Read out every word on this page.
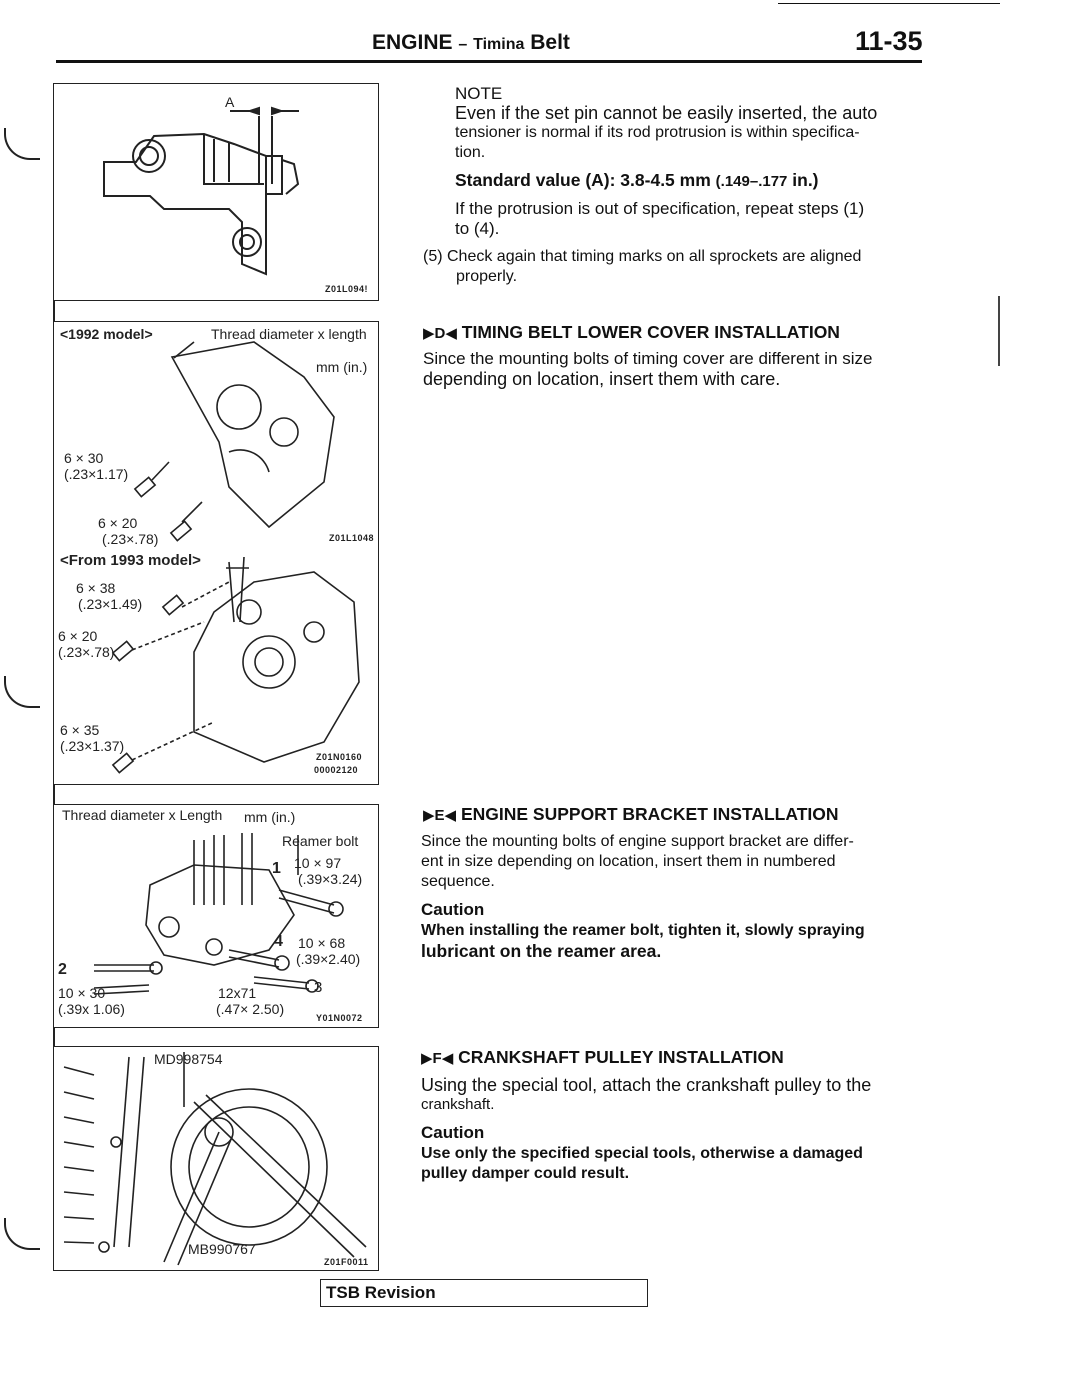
ENGINE – Timina Belt	11-35
A
Z01L094!
<1992 model>	Thread diameter x length
mm (in.)
6 × 30
(.23×1.17)
6 × 20
(.23×.78)	Z01L1048
<From 1993 model>
6 × 38
(.23×1.49)
6 × 20
(.23×.78)
6 × 35
(.23×1.37)
Z01N0160
00002120
Thread diameter x Length mm (in.)
Reamer bolt
1 10 × 97
(.39×3.24)
4 10 × 68
(.39×2.40)
2
10 × 30
(.39x 1.06)
3
12x71
(.47× 2.50)
Y01N0072
MD998754
MB990767
Z01F0011
NOTE
Even if the set pin cannot be easily inserted, the auto
tensioner is normal if its rod protrusion is within specifica-
tion.
Standard value (A): 3.8-4.5 mm (.149–.177 in.)
If the protrusion is out of specification, repeat steps (1)
to (4).
(5) Check again that timing marks on all sprockets are aligned
properly.
▶D◀ TIMING BELT LOWER COVER INSTALLATION
Since the mounting bolts of timing cover are different in size
depending on location, insert them with care.
▶E◀ ENGINE SUPPORT BRACKET INSTALLATION
Since the mounting bolts of engine support bracket are differ-
ent in size depending on location, insert them in numbered
sequence.
Caution
When installing the reamer bolt, tighten it, slowly spraying
lubricant on the reamer area.
▶F◀ CRANKSHAFT PULLEY INSTALLATION
Using the special tool, attach the crankshaft pulley to the
crankshaft.
Caution
Use only the specified special tools, otherwise a damaged
pulley damper could result.
TSB Revision
